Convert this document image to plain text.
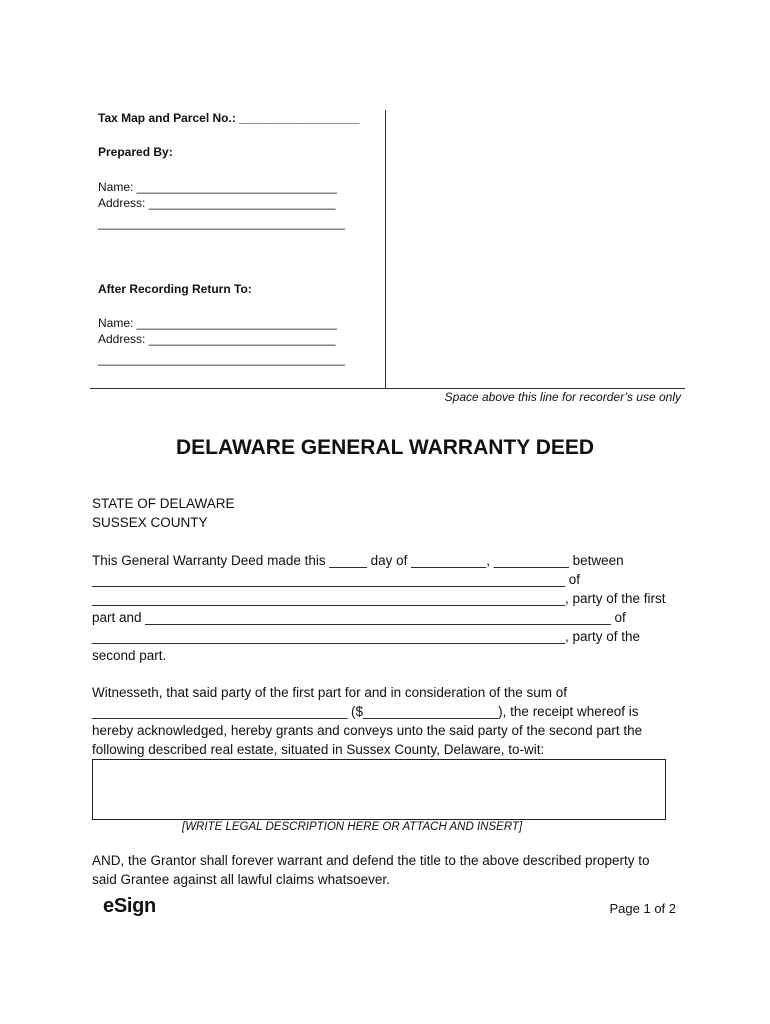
Tax Map and Parcel No.: __________________
Prepared By:
Name: ______________________________
Address: ____________________________
_____________________________________
After Recording Return To:
Name: ______________________________
Address: ____________________________
_____________________________________
Space above this line for recorder’s use only
DELAWARE GENERAL WARRANTY DEED
STATE OF DELAWARE
SUSSEX COUNTY
This General Warranty Deed made this _____ day of __________, __________ between
_______________________________________________________________ of
_______________________________________________________________, party of the first
part and ______________________________________________________________ of
_______________________________________________________________, party of the
second part.
Witnesseth, that said party of the first part for and in consideration of the sum of
__________________________________ ($__________________), the receipt whereof is
hereby acknowledged, hereby grants and conveys unto the said party of the second part the
following described real estate, situated in Sussex County, Delaware, to-wit:
[WRITE LEGAL DESCRIPTION HERE OR ATTACH AND INSERT]
AND, the Grantor shall forever warrant and defend the title to the above described property to
said Grantee against all lawful claims whatsoever.
eSign	Page 1 of 2
